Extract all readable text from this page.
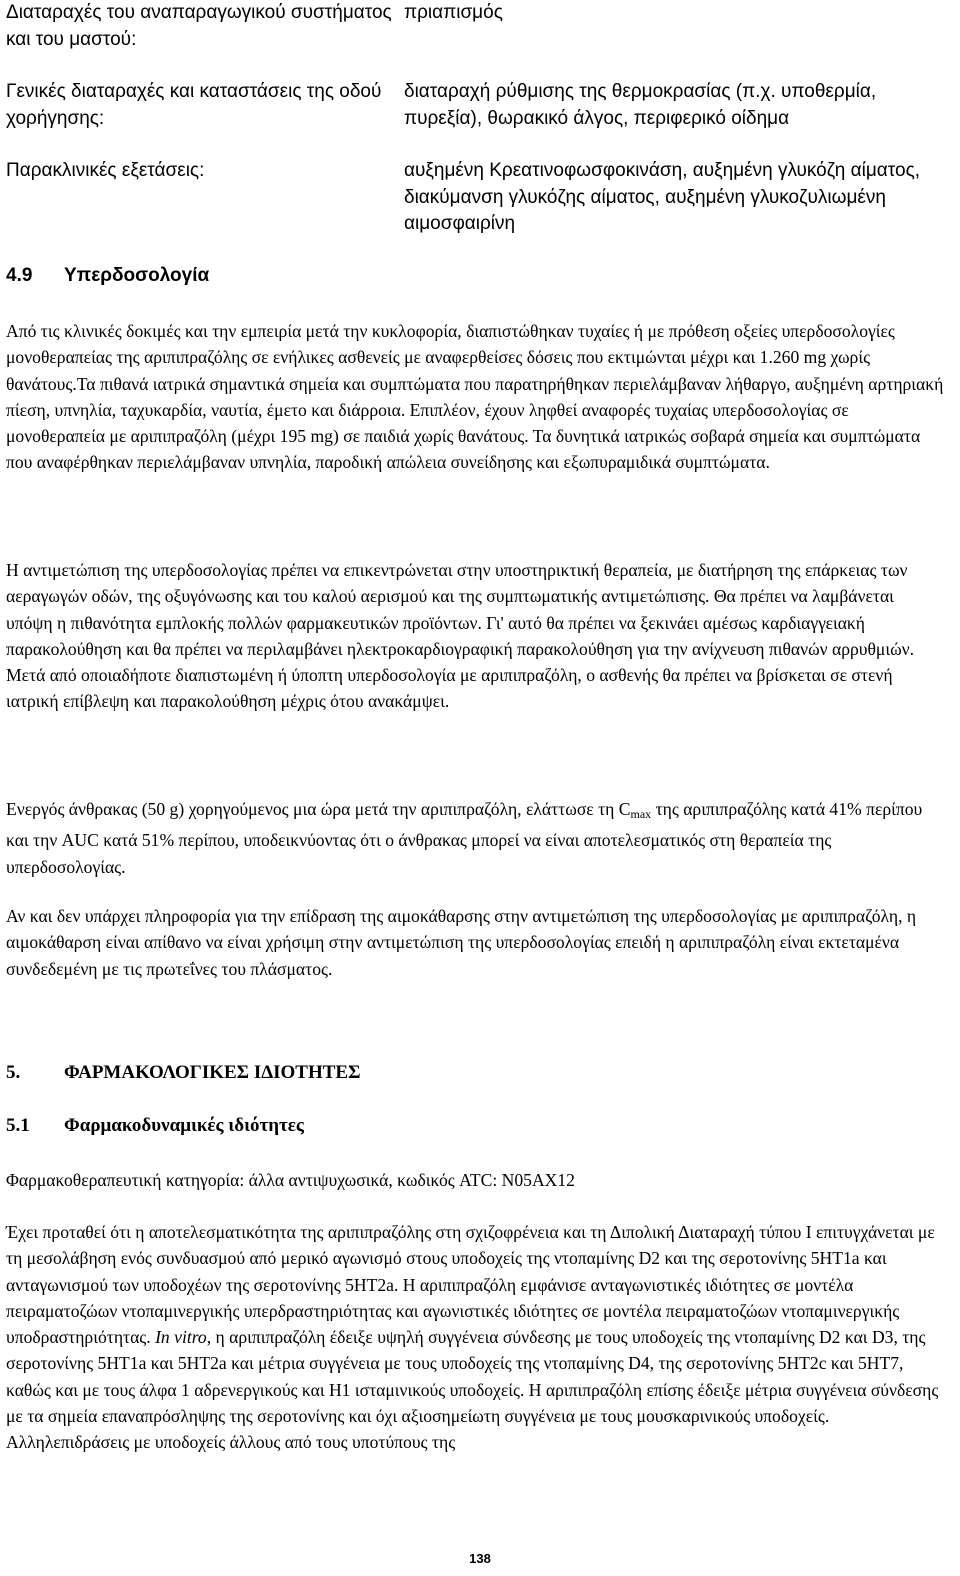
Διαταραχές του αναπαραγωγικού συστήματος και του μαστού:
πριαπισμός
Γενικές διαταραχές και καταστάσεις της οδού χορήγησης:
διαταραχή ρύθμισης της θερμοκρασίας (π.χ. υποθερμία, πυρεξία), θωρακικό άλγος, περιφερικό οίδημα
Παρακλινικές εξετάσεις:	αυξημένη Κρεατινοφωσφοκινάση, αυξημένη γλυκόζη αίματος, διακύμανση γλυκόζης αίματος, αυξημένη γλυκοζυλιωμένη αιμοσφαιρίνη
4.9 Υπερδοσολογία
Από τις κλινικές δοκιμές και την εμπειρία μετά την κυκλοφορία, διαπιστώθηκαν τυχαίες ή με πρόθεση οξείες υπερδοσολογίες μονοθεραπείας της αριπιπραζόλης σε ενήλικες ασθενείς με αναφερθείσες δόσεις που εκτιμώνται μέχρι και 1.260 mg χωρίς θανάτους.Τα πιθανά ιατρικά σημαντικά σημεία και συμπτώματα που παρατηρήθηκαν περιελάμβαναν λήθαργο, αυξημένη αρτηριακή πίεση, υπνηλία, ταχυκαρδία, ναυτία, έμετο και διάρροια. Επιπλέον, έχουν ληφθεί αναφορές τυχαίας υπερδοσολογίας σε μονοθεραπεία με αριπιπραζόλη (μέχρι 195 mg) σε παιδιά χωρίς θανάτους. Τα δυνητικά ιατρικώς σοβαρά σημεία και συμπτώματα που αναφέρθηκαν περιελάμβαναν υπνηλία, παροδική απώλεια συνείδησης και εξωπυραμιδικά συμπτώματα.
Η αντιμετώπιση της υπερδοσολογίας πρέπει να επικεντρώνεται στην υποστηρικτική θεραπεία, με διατήρηση της επάρκειας των αεραγωγών οδών, της οξυγόνωσης και του καλού αερισμού και της συμπτωματικής αντιμετώπισης. Θα πρέπει να λαμβάνεται υπόψη η πιθανότητα εμπλοκής πολλών φαρμακευτικών προϊόντων. Γι' αυτό θα πρέπει να ξεκινάει αμέσως καρδιαγγειακή παρακολούθηση και θα πρέπει να περιλαμβάνει ηλεκτροκαρδιογραφική παρακολούθηση για την ανίχνευση πιθανών αρρυθμιών. Μετά από οποιαδήποτε διαπιστωμένη ή ύποπτη υπερδοσολογία με αριπιπραζόλη, ο ασθενής θα πρέπει να βρίσκεται σε στενή ιατρική επίβλεψη και παρακολούθηση μέχρις ότου ανακάμψει.
Ενεργός άνθρακας (50 g) χορηγούμενος μια ώρα μετά την αριπιπραζόλη, ελάττωσε τη $C_{max}$ της αριπιπραζόλης κατά 41% περίπου και την AUC κατά 51% περίπου, υποδεικνύοντας ότι ο άνθρακας μπορεί να είναι αποτελεσματικός στη θεραπεία της υπερδοσολογίας.
Αν και δεν υπάρχει πληροφορία για την επίδραση της αιμοκάθαρσης στην αντιμετώπιση της υπερδοσολογίας με αριπιπραζόλη, η αιμοκάθαρση είναι απίθανο να είναι χρήσιμη στην αντιμετώπιση της υπερδοσολογίας επειδή η αριπιπραζόλη είναι εκτεταμένα συνδεδεμένη με τις πρωτεΐνες του πλάσματος.
5. ΦΑΡΜΑΚΟΛΟΓΙΚΕΣ ΙΔΙΟΤΗΤΕΣ
5.1 Φαρμακοδυναμικές ιδιότητες
Φαρμακοθεραπευτική κατηγορία: άλλα αντιψυχωσικά, κωδικός ATC: N05AX12
Έχει προταθεί ότι η αποτελεσματικότητα της αριπιπραζόλης στη σχιζοφρένεια και τη Διπολική Διαταραχή τύπου Ι επιτυγχάνεται με τη μεσολάβηση ενός συνδυασμού από μερικό αγωνισμό στους υποδοχείς της ντοπαμίνης D2 και της σεροτονίνης 5HT1a και ανταγωνισμού των υποδοχέων της σεροτονίνης 5HT2a. Η αριπιπραζόλη εμφάνισε ανταγωνιστικές ιδιότητες σε μοντέλα πειραματοζώων ντοπαμινεργικής υπερδραστηριότητας και αγωνιστικές ιδιότητες σε μοντέλα πειραματοζώων ντοπαμινεργικής υποδραστηριότητας. In vitro, η αριπιπραζόλη έδειξε υψηλή συγγένεια σύνδεσης με τους υποδοχείς της ντοπαμίνης D2 και D3, της σεροτονίνης 5HT1a και 5HT2a και μέτρια συγγένεια με τους υποδοχείς της ντοπαμίνης D4, της σεροτονίνης 5HT2c και 5HT7, καθώς και με τους άλφα 1 αδρενεργικούς και Η1 ισταμινικούς υποδοχείς. Η αριπιπραζόλη επίσης έδειξε μέτρια συγγένεια σύνδεσης με τα σημεία επαναπρόσληψης της σεροτονίνης και όχι αξιοσημείωτη συγγένεια με τους μουσκαρινικούς υποδοχείς. Αλληλεπιδράσεις με υποδοχείς άλλους από τους υποτύπους της
138
